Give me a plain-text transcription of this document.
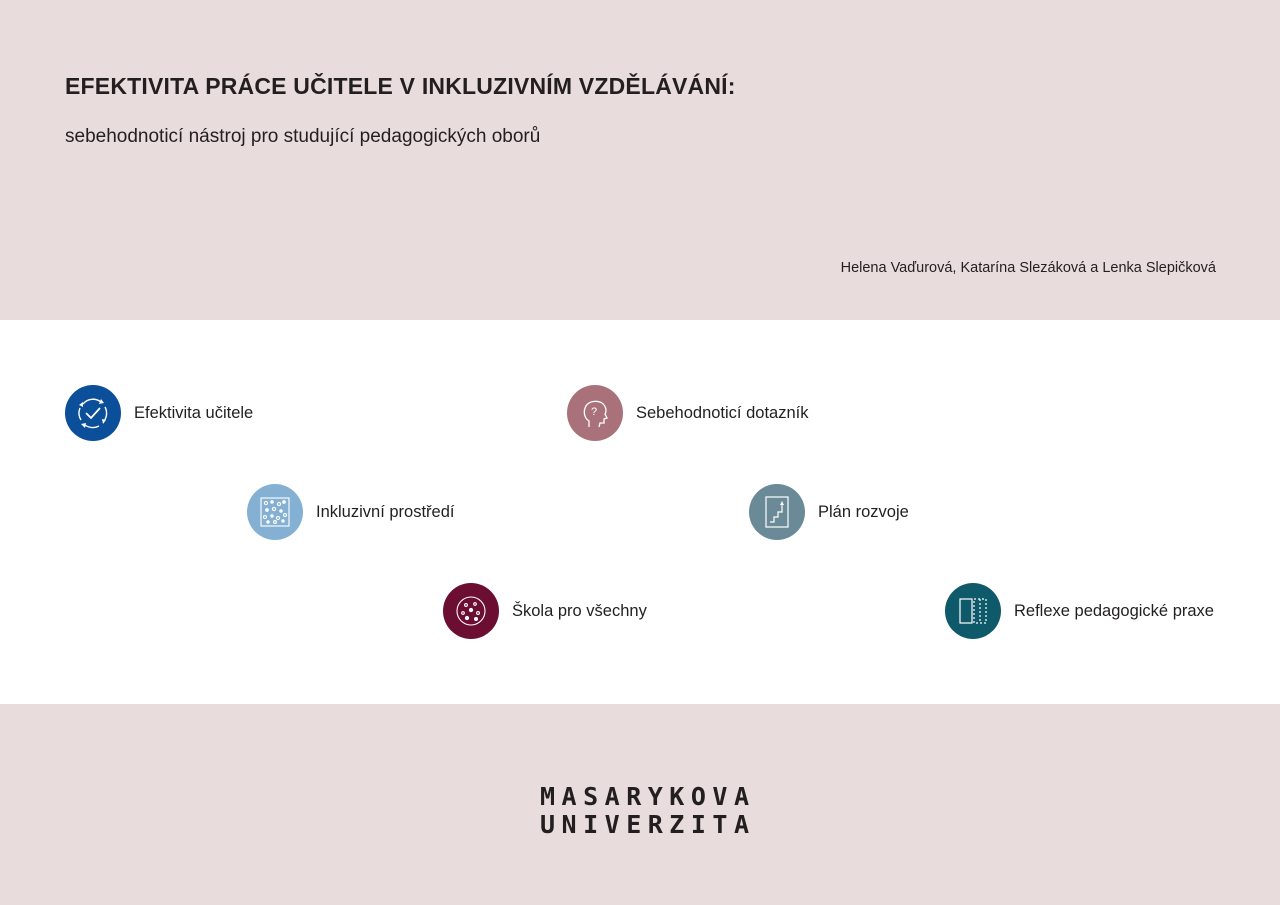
EFEKTIVITA PRÁCE UČITELE V INKLUZIVNÍM VZDĚLÁVÁNÍ:

sebehodnoticí nástroj pro studující pedagogických oborů

Helena Vaďurová, Katarína Slezáková a Lenka Slepičková

Efektivita učitele	? Sebehodnoticí dotazník
Inkluzivní prostředí	Plán rozvoje
Škola pro všechny	Reflexe pedagogické praxe
MASARYKOVA
UNIVERZITA
